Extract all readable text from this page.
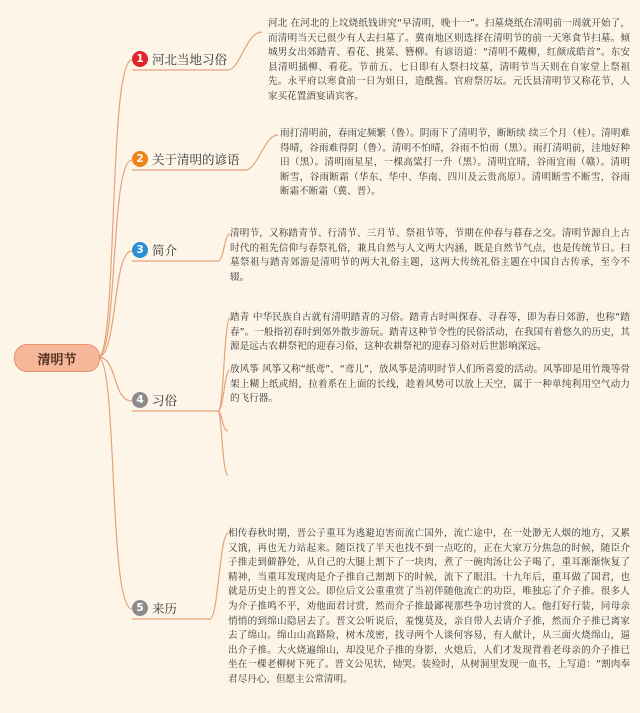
清明节
1 河北当地习俗
2 关于清明的谚语
3 简介
4 习俗
5 来历
河北 在河北的上坟烧纸钱讲究“早清明，晚十一”。扫墓烧纸在清明前一周就开始了，而清明当天已很少有人去扫墓了。冀南地区则选择在清明节的前一天寒食节扫墓。倾城男女出郊踏青、看花、挑菜、簪柳。有谚语道：“清明不戴柳，红颜成皓首”。东安县清明插柳、看花。节前五、七日即有人祭扫坟墓，清明节当天则在自家堂上祭祖先。永平府以寒食前一日为姐日，造酰酱。官府祭厉坛。元氏县清明节又称花节，人家买花置酒宴请宾客。
雨打清明前，春雨定频繁（鲁）。阴雨下了清明节，断断续 续三个月（桂）。清明难得晴，谷雨难得阴（鲁）。清明不怕晴，谷雨不怕雨（黑）。雨打清明前，洼地好种田（黑）。清明雨星星，一棵高粱打一升（黑）。清明宜晴，谷雨宜雨（赣）。清明断雪，谷雨断霜（华东、华中、华南、四川及云贵高原）。清明断雪不断雪，谷雨断霜不断霜（冀、晋）。
清明节，又称踏青节、行清节、三月节、祭祖节等，节期在仲春与暮春之交。清明节源自上古时代的祖先信仰与春祭礼俗，兼具自然与人文两大内涵，既是自然节气点，也是传统节日。扫墓祭祖与踏青郊游是清明节的两大礼俗主题，这两大传统礼俗主题在中国自古传承，至今不辍。
踏青 中华民族自古就有清明踏青的习俗。踏青古时叫探春、寻春等，即为春日郊游，也称“踏春”。一般指初春时到郊外散步游玩。踏青这种节令性的民俗活动，在我国有着悠久的历史，其源是远古农耕祭祀的迎春习俗，这种农耕祭祀的迎春习俗对后世影响深远。
放风筝 风筝又称“纸鸢”、“鸢儿”，放风筝是清明时节人们所喜爱的活动。风筝即是用竹篾等骨架上糊上纸或绢，拉着系在上面的长线，趁着风势可以放上天空，属于一种单纯利用空气动力的飞行器。
相传春秋时期，晋公子重耳为逃避迫害而流亡国外，流亡途中，在一处渺无人烟的地方，又累又饿，再也无力站起来。随臣找了半天也找不到一点吃的，正在大家万分焦急的时候，随臣介子推走到僻静处，从自己的大腿上割下了一块肉，煮了一碗肉汤让公子喝了，重耳渐渐恢复了精神，当重耳发现肉是介子推自己割割下的时候，流下了眼泪。十九年后，重耳做了国君，也就是历史上的晋文公。即位后文公重重赏了当初伴随他流亡的功臣，唯独忘了介子推。很多人为介子推鸣不平，劝他面君讨赏，然而介子推最鄙视那些争功讨赏的人。他打好行装，同母亲悄悄的到绵山隐居去了。晋文公听说后，羞愧莫及，亲自带人去请介子推，然而介子推已离家去了绵山。绵山山高路险，树木茂密，找寻两个人谈何容易，有人献计，从三面火烧绵山，逼出介子推。大火烧遍绵山，却没见介子推的身影，火熄后，人们才发现背着老母亲的介子推已坐在一棵老柳树下死了。晋文公见状，恸哭。装殓时，从树洞里发现一血书，上写道：“割肉奉君尽丹心，但愿主公常清明。
